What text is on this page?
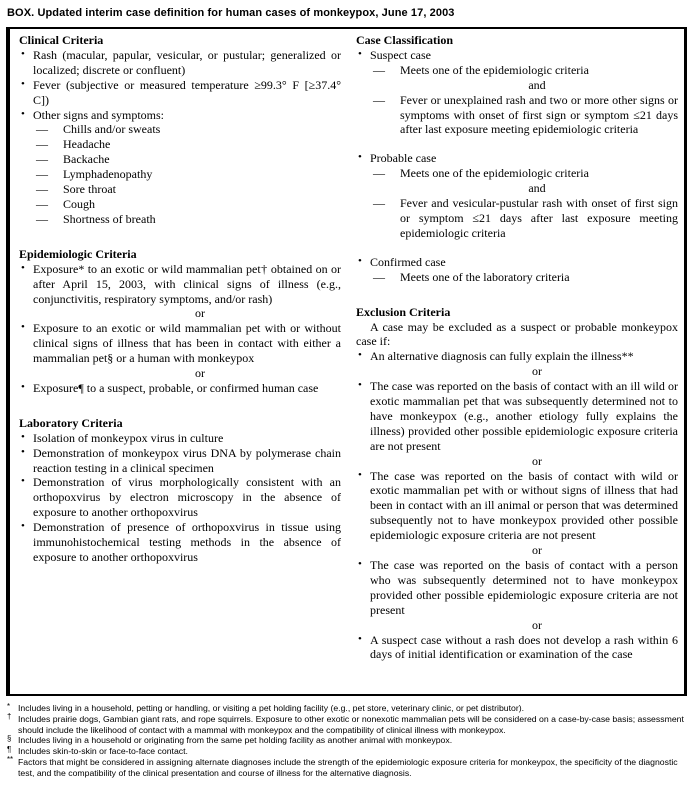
BOX. Updated interim case definition for human cases of monkeypox, June 17, 2003
Clinical Criteria
• Rash (macular, papular, vesicular, or pustular; generalized or localized; discrete or confluent)
• Fever (subjective or measured temperature ≥99.3° F [≥37.4° C])
• Other signs and symptoms:
— Chills and/or sweats
— Headache
— Backache
— Lymphadenopathy
— Sore throat
— Cough
— Shortness of breath
Epidemiologic Criteria
• Exposure* to an exotic or wild mammalian pet† obtained on or after April 15, 2003, with clinical signs of illness (e.g., conjunctivitis, respiratory symptoms, and/or rash)
or
• Exposure to an exotic or wild mammalian pet with or without clinical signs of illness that has been in contact with either a mammalian pet§ or a human with monkeypox
or
• Exposure¶ to a suspect, probable, or confirmed human case
Laboratory Criteria
• Isolation of monkeypox virus in culture
• Demonstration of monkeypox virus DNA by polymerase chain reaction testing in a clinical specimen
• Demonstration of virus morphologically consistent with an orthopoxvirus by electron microscopy in the absence of exposure to another orthopoxvirus
• Demonstration of presence of orthopoxvirus in tissue using immunohistochemical testing methods in the absence of exposure to another orthopoxvirus
Case Classification
• Suspect case
— Meets one of the epidemiologic criteria
and
— Fever or unexplained rash and two or more other signs or symptoms with onset of first sign or symptom ≤21 days after last exposure meeting epidemiologic criteria
• Probable case
— Meets one of the epidemiologic criteria
and
— Fever and vesicular-pustular rash with onset of first sign or symptom ≤21 days after last exposure meeting epidemiologic criteria
• Confirmed case
— Meets one of the laboratory criteria
Exclusion Criteria

A case may be excluded as a suspect or probable monkeypox case if:

• An alternative diagnosis can fully explain the illness**
or
• The case was reported on the basis of contact with an ill wild or exotic mammalian pet that was subsequently determined not to have monkeypox (e.g., another etiology fully explains the illness) provided other possible epidemiologic exposure criteria are not present
or
• The case was reported on the basis of contact with wild or exotic mammalian pet with or without signs of illness that had been in contact with an ill animal or person that was determined subsequently not to have monkeypox provided other possible epidemiologic exposure criteria are not present
or
• The case was reported on the basis of contact with a person who was subsequently determined not to have monkeypox provided other possible epidemiologic exposure criteria are not present
or
• A suspect case without a rash does not develop a rash within 6 days of initial identification or examination of the case
* Includes living in a household, petting or handling, or visiting a pet holding facility (e.g., pet store, veterinary clinic, or pet distributor).
† Includes prairie dogs, Gambian giant rats, and rope squirrels. Exposure to other exotic or nonexotic mammalian pets will be considered on a case-by-case basis; assessment should include the likelihood of contact with a mammal with monkeypox and the compatibility of clinical illness with monkeypox.
§ Includes living in a household or originating from the same pet holding facility as another animal with monkeypox.
¶ Includes skin-to-skin or face-to-face contact.
** Factors that might be considered in assigning alternate diagnoses include the strength of the epidemiologic exposure criteria for monkeypox, the specificity of the diagnostic test, and the compatibility of the clinical presentation and course of illness for the alternative diagnosis.
